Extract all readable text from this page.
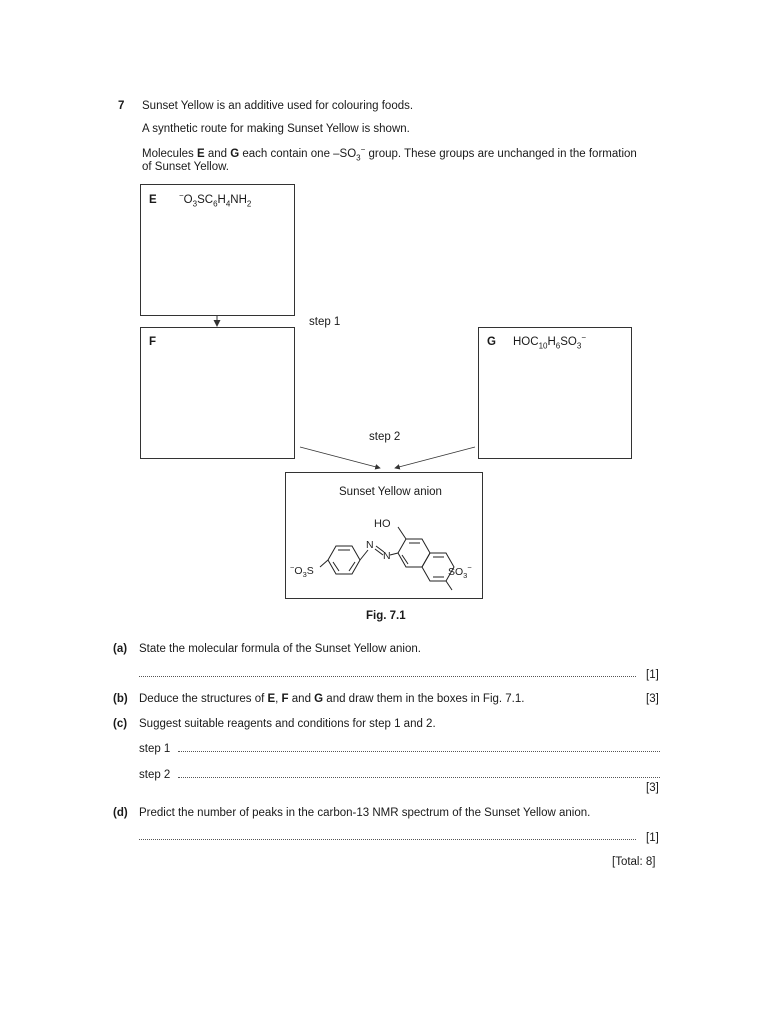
7 Sunset Yellow is an additive used for colouring foods.
A synthetic route for making Sunset Yellow is shown.
Molecules E and G each contain one $-SO_3^-$ group. These groups are unchanged in the formation
of Sunset Yellow.
E	$^-O_3SC_6H_4NH_2$
F	G $HOC_{10}H_6SO_3^-$
step 1
step 2
Sunset Yellow anion
HO
N
N
$^-O_3S$	$SO_3^-$
Fig. 7.1
(a) State the molecular formula of the Sunset Yellow anion.
[1]
(b) Deduce the structures of E, F and G and draw them in the boxes in Fig. 7.1.	[3]
(c) Suggest suitable reagents and conditions for step 1 and 2.
step 1
step 2
[3]
(d) Predict the number of peaks in the carbon-13 NMR spectrum of the Sunset Yellow anion.
[1]
[Total: 8]
